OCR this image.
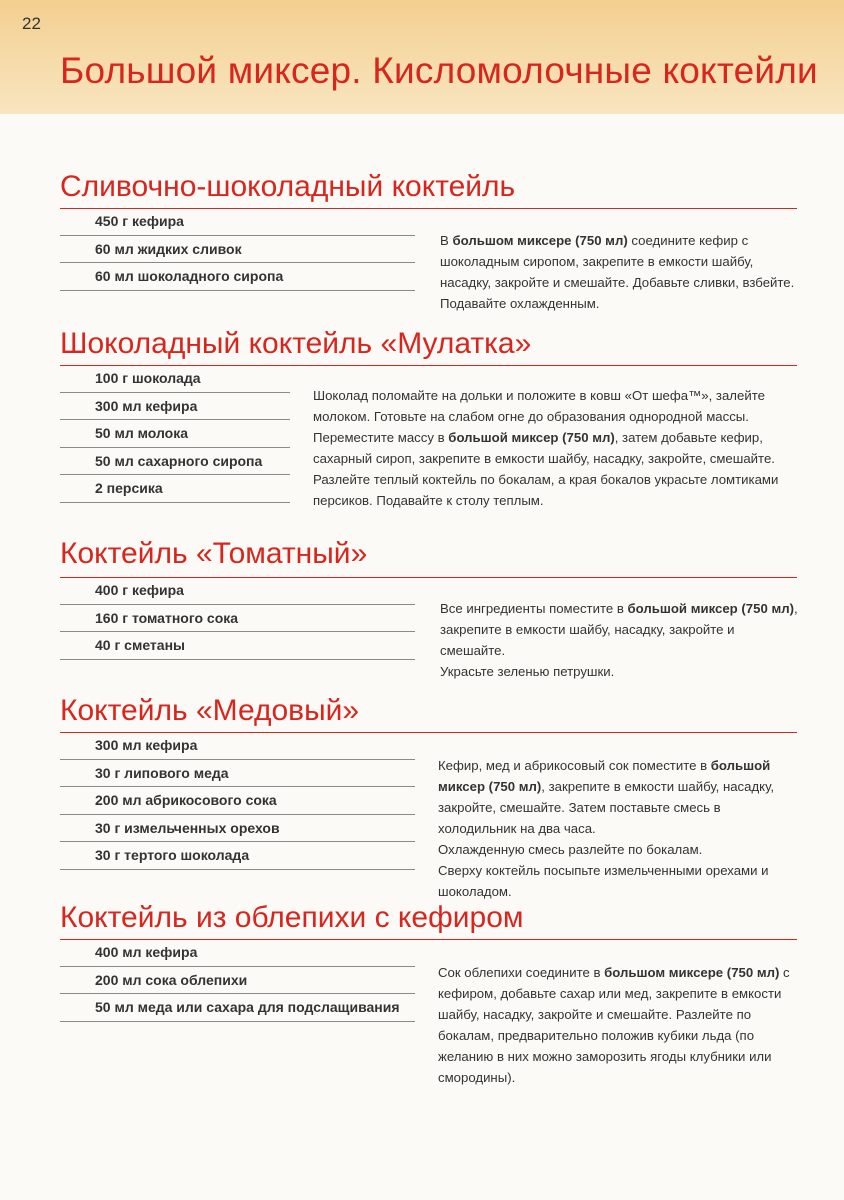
22
Большой миксер. Кисломолочные коктейли
Сливочно-шоколадный коктейль
450 г кефира
60 мл жидких сливок
60 мл шоколадного сиропа

В большом миксере (750 мл) соедините кефир с шоколадным сиропом, закрепите в емкости шайбу, насадку, закройте и смешайте. Добавьте сливки, взбейте. Подавайте охлажденным.

Шоколадный коктейль «Мулатка»
100 г шоколада
300 мл кефира
50 мл молока
50 мл сахарного сиропа
2 персика

Шоколад поломайте на дольки и положите в ковш «От шефа™», залейте молоком. Готовьте на слабом огне до образования однородной массы. Переместите массу в большой миксер (750 мл), затем добавьте кефир, сахарный сироп, закрепите в емкости шайбу, насадку, закройте, смешайте.

Разлейте теплый коктейль по бокалам, а края бокалов украсьте ломтиками персиков. Подавайте к столу теплым.

Коктейль «Томатный»
400 г кефира
160 г томатного сока
40 г сметаны

Все ингредиенты поместите в большой миксер (750 мл), закрепите в емкости шайбу, насадку, закройте и смешайте.

Украсьте зеленью петрушки.

Коктейль «Медовый»
300 мл кефира
30 г липового меда
200 мл абрикосового сока
30 г измельченных орехов
30 г тертого шоколада

Кефир, мед и абрикосовый сок поместите в большой миксер (750 мл), закрепите в емкости шайбу, насадку, закройте, смешайте. Затем поставьте смесь в холодильник на два часа.

Охлажденную смесь разлейте по бокалам.

Сверху коктейль посыпьте измельченными орехами и шоколадом.

Коктейль из облепихи с кефиром
400 мл кефира
200 мл сока облепихи
50 мл меда или сахара для подслащивания

Сок облепихи соедините в большом миксере (750 мл) с кефиром, добавьте сахар или мед, закрепите в емкости шайбу, насадку, закройте и смешайте. Разлейте по бокалам, предварительно положив кубики льда (по желанию в них можно заморозить ягоды клубники или смородины).
